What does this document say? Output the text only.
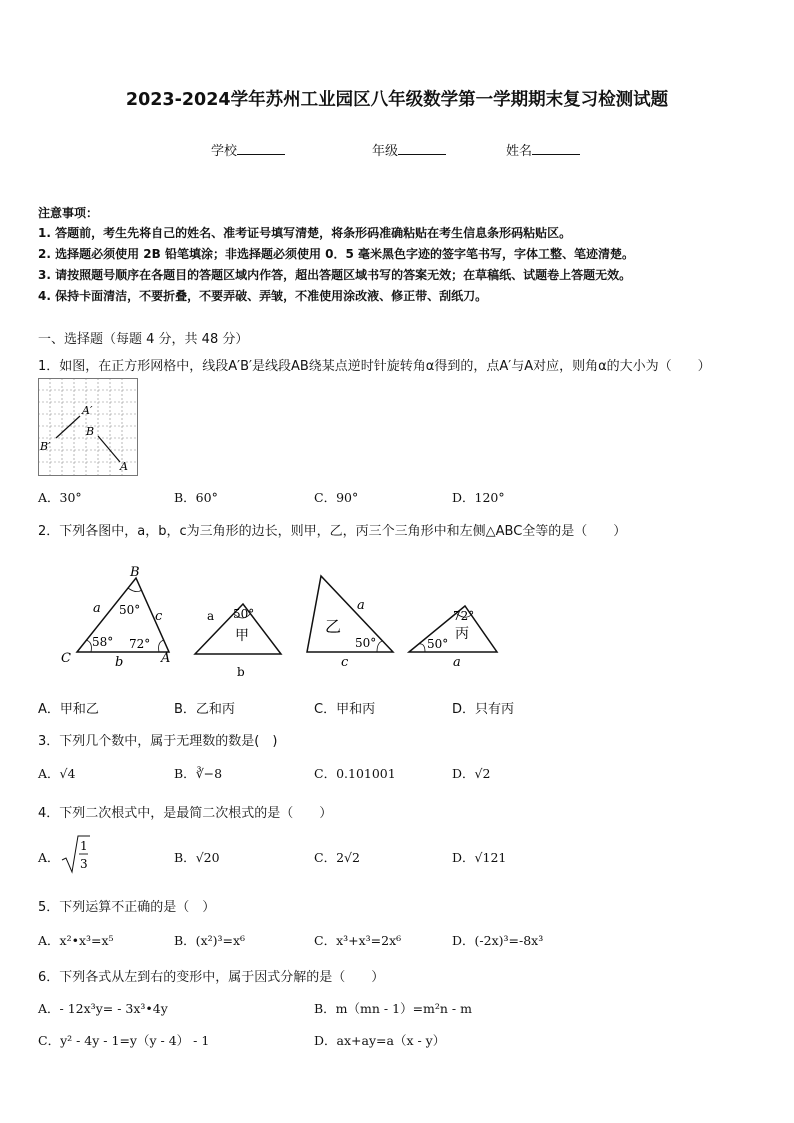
2023-2024学年苏州工业园区八年级数学第一学期期末复习检测试题
学校	年级	姓名
注意事项：
1. 答题前，考生先将自己的姓名、准考证号填写清楚，将条形码准确粘贴在考生信息条形码粘贴区。
2. 选择题必须使用 2B 铅笔填涂；非选择题必须使用 0．5 毫米黑色字迹的签字笔书写，字体工整、笔迹清楚。
3. 请按照题号顺序在各题目的答题区域内作答，超出答题区域书写的答案无效；在草稿纸、试题卷上答题无效。
4. 保持卡面清洁，不要折叠，不要弄破、弄皱，不准使用涂改液、修正带、刮纸刀。
一、选择题（每题 4 分，共 48 分）
1．如图，在正方形网格中，线段A′B′是线段AB绕某点逆时针旋转角α得到的，点A′与A对应，则角α的大小为（　　）
A′
B′
B
A
A．30°	B．60°	C．90°	D．120°
2．下列各图中，a，b，c为三角形的边长，则甲，乙，丙三个三角形中和左侧△ABC全等的是（　　）
B
C	A
a
c
b
50°
58° 72°
a
b
50°
甲
a
c
50°
乙
72°
50°
a
丙
A．甲和乙	B．乙和丙	C．甲和丙	D．只有丙
3．下列几个数中，属于无理数的数是(　)
A．√4	B．∛−8	C．0.101001	D．√2
4．下列二次根式中，是最简二次根式的是（　　）
A．
1
3	B．√20	C．2√2	D．√121
5．下列运算不正确的是（　）
A．x²•x³=x⁵	B．(x²)³=x⁶	C．x³+x³=2x⁶	D．(-2x)³=-8x³
6．下列各式从左到右的变形中，属于因式分解的是（　　）
A．- 12x³y= - 3x³•4y	B．m（mn - 1）=m²n - m
C．y² - 4y - 1=y（y - 4） - 1	D．ax+ay=a（x - y）
